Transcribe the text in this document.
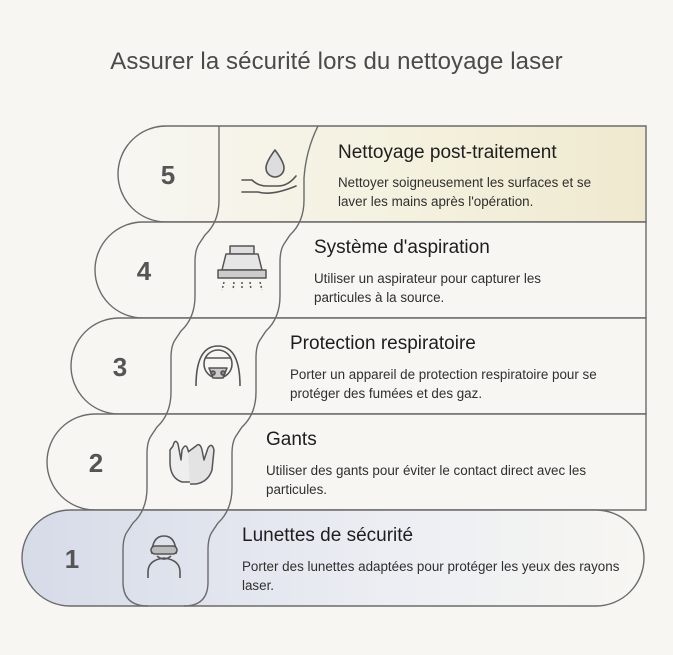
Assurer la sécurité lors du nettoyage laser
5
4
3
2
1
Nettoyage post-traitement
Nettoyer soigneusement les surfaces et se laver les mains après l'opération.
Système d'aspiration
Utiliser un aspirateur pour capturer les particules à la source.
Protection respiratoire
Porter un appareil de protection respiratoire pour se protéger des fumées et des gaz.
Gants
Utiliser des gants pour éviter le contact direct avec les particules.
Lunettes de sécurité
Porter des lunettes adaptées pour protéger les yeux des rayons laser.
